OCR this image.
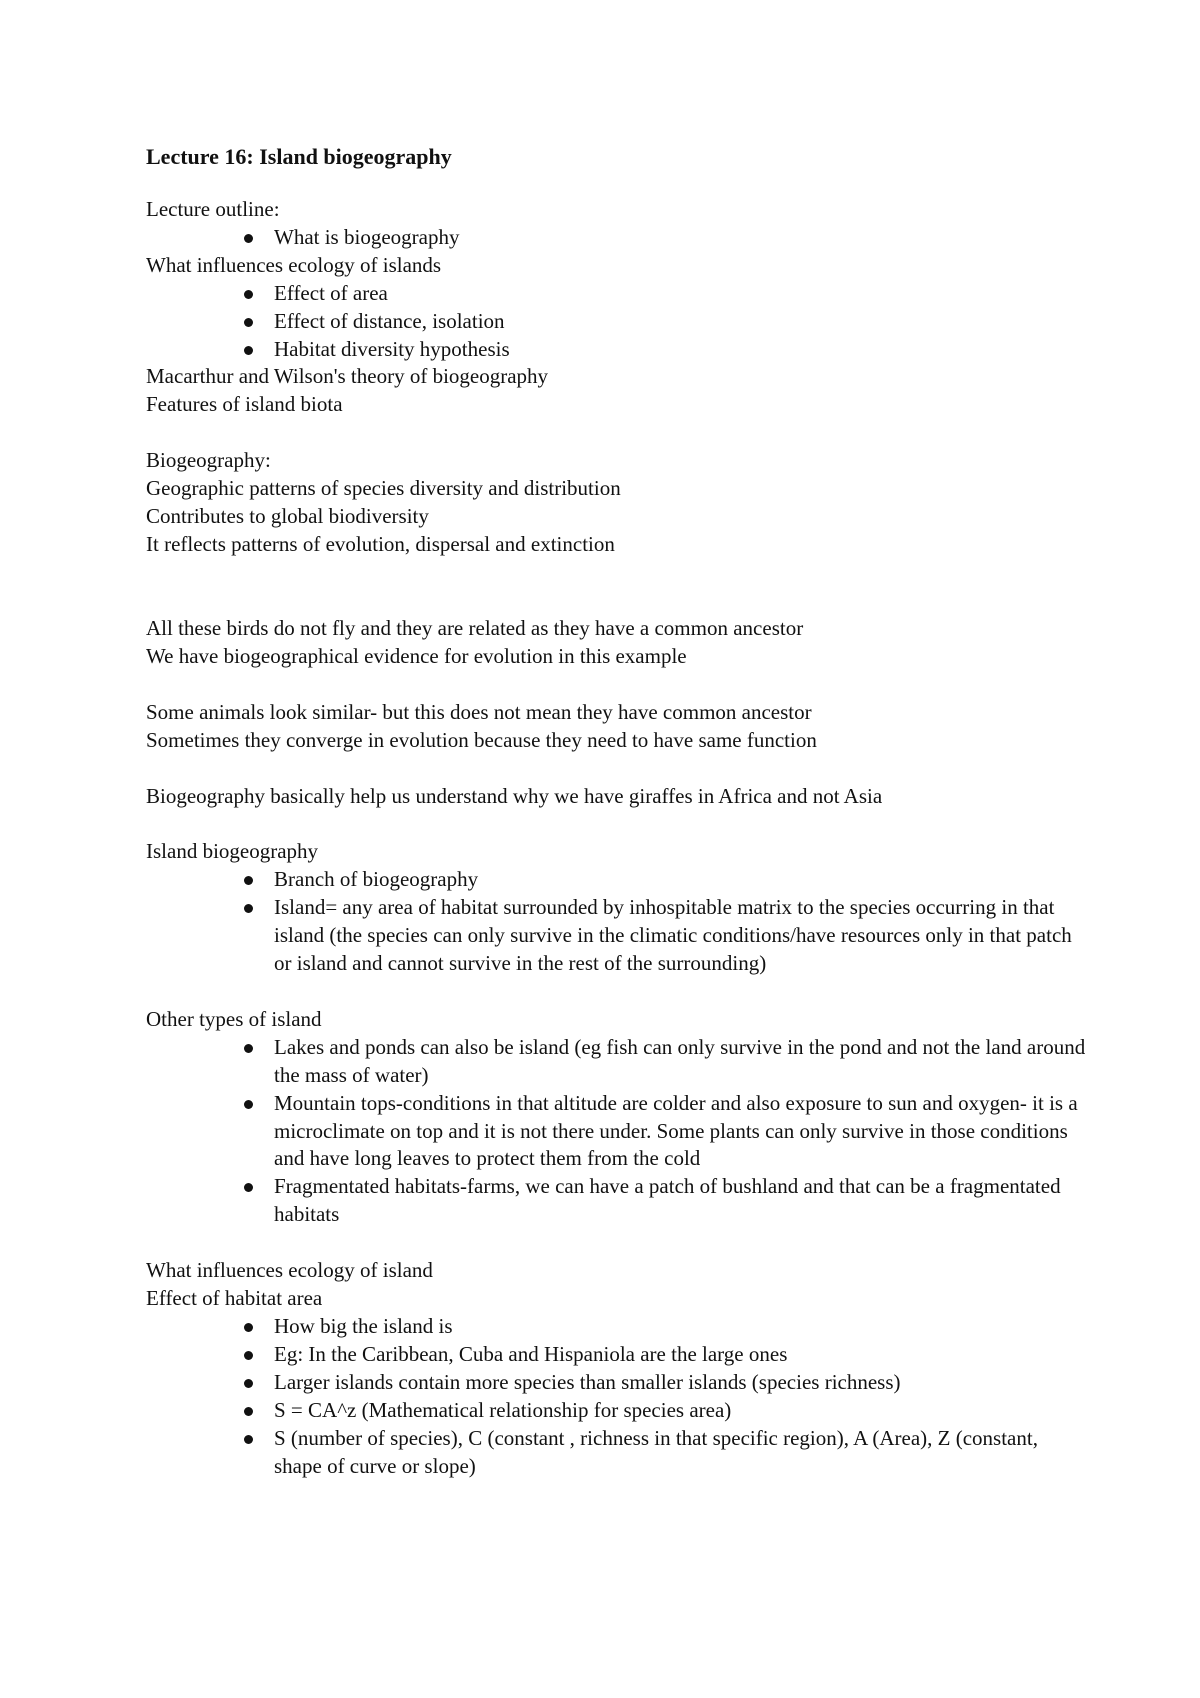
Lecture 16: Island biogeography
Lecture outline:
What is biogeography
What influences ecology of islands
Effect of area
Effect of distance, isolation
Habitat diversity hypothesis
Macarthur and Wilson's theory of biogeography
Features of island biota
Biogeography:
Geographic patterns of species diversity and distribution
Contributes to global biodiversity
It reflects patterns of evolution, dispersal and extinction
All these birds do not fly and they are related as they have a common ancestor
We have biogeographical evidence for evolution in this example
Some animals look similar- but this does not mean they have common ancestor
Sometimes they converge in evolution because they need to have same function
Biogeography basically help us understand why we have giraffes in Africa and not Asia
Island biogeography
Branch of biogeography
Island= any area of habitat surrounded by inhospitable matrix to the species occurring in that island (the species can only survive in the climatic conditions/have resources only in that patch or island and cannot survive in the rest of the surrounding)
Other types of island
Lakes and ponds can also be island (eg fish can only survive in the pond and not the land around the mass of water)
Mountain tops-conditions in that altitude are colder and also exposure to sun and oxygen- it is a microclimate on top and it is not there under. Some plants can only survive in those conditions and have long leaves to protect them from the cold
Fragmentated habitats-farms, we can have a patch of bushland and that can be a fragmentated habitats
What influences ecology of island
Effect of habitat area
How big the island is
Eg: In the Caribbean, Cuba and Hispaniola are the large ones
Larger islands contain more species than smaller islands (species richness)
S = CA^z (Mathematical relationship for species area)
S (number of species), C (constant , richness in that specific region), A (Area), Z (constant, shape of curve or slope)
